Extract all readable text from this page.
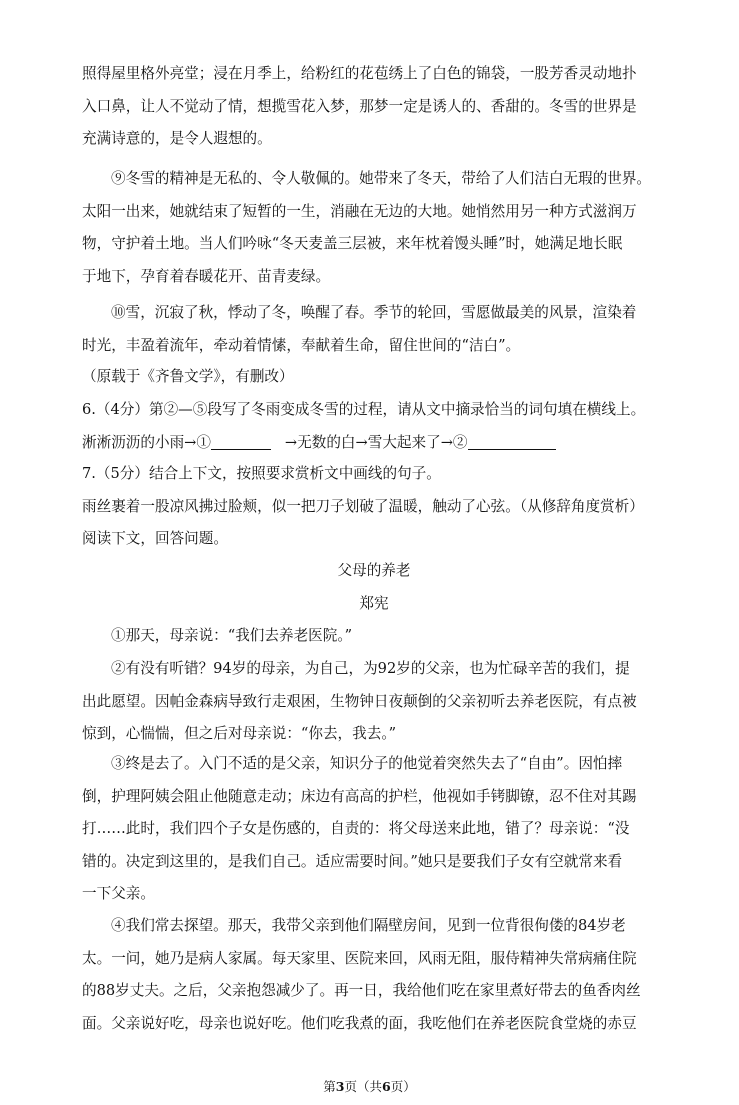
照得屋里格外亮堂；浸在月季上，给粉红的花苞绣上了白色的锦袋，一股芳香灵动地扑
入口鼻，让人不觉动了情，想揽雪花入梦，那梦一定是诱人的、香甜的。冬雪的世界是
充满诗意的，是令人遐想的。
⑨冬雪的精神是无私的、令人敬佩的。她带来了冬天，带给了人们洁白无瑕的世界。
太阳一出来，她就结束了短暂的一生，消融在无边的大地。她悄然用另一种方式滋润万
物，守护着土地。当人们吟咏“冬天麦盖三层被，来年枕着馒头睡”时，她满足地长眠
于地下，孕育着春暖花开、苗青麦绿。
⑩雪，沉寂了秋，悸动了冬，唤醒了春。季节的轮回，雪愿做最美的风景，渲染着
时光，丰盈着流年，牵动着情愫，奉献着生命，留住世间的“洁白”。
（原载于《齐鲁文学》，有删改）
6.（4分）第②—⑤段写了冬雨变成冬雪的过程，请从文中摘录恰当的词句填在横线上。
淅淅沥沥的小雨→①	→无数的白→雪大起来了→②
7.（5分）结合上下文，按照要求赏析文中画线的句子。
雨丝裹着一股凉风拂过脸颊，似一把刀子划破了温暖，触动了心弦。（从修辞角度赏析）
阅读下文，回答问题。
父母的养老
郑宪
①那天，母亲说：“我们去养老医院。”
②有没有听错？94岁的母亲，为自己，为92岁的父亲，也为忙碌辛苦的我们，提
出此愿望。因帕金森病导致行走艰困，生物钟日夜颠倒的父亲初听去养老医院，有点被
惊到，心惴惴，但之后对母亲说：“你去，我去。”
③终是去了。入门不适的是父亲，知识分子的他觉着突然失去了“自由”。因怕摔
倒，护理阿姨会阻止他随意走动；床边有高高的护栏，他视如手铐脚镣，忍不住对其踢
打……此时，我们四个子女是伤感的，自责的：将父母送来此地，错了？母亲说：“没
错的。决定到这里的，是我们自己。适应需要时间。”她只是要我们子女有空就常来看
一下父亲。
④我们常去探望。那天，我带父亲到他们隔壁房间，见到一位背很佝偻的84岁老
太。一问，她乃是病人家属。每天家里、医院来回，风雨无阻，服侍精神失常病痛住院
的88岁丈夫。之后，父亲抱怨减少了。再一日，我给他们吃在家里煮好带去的鱼香肉丝
面。父亲说好吃，母亲也说好吃。他们吃我煮的面，我吃他们在养老医院食堂烧的赤豆
第3页（共6页）
